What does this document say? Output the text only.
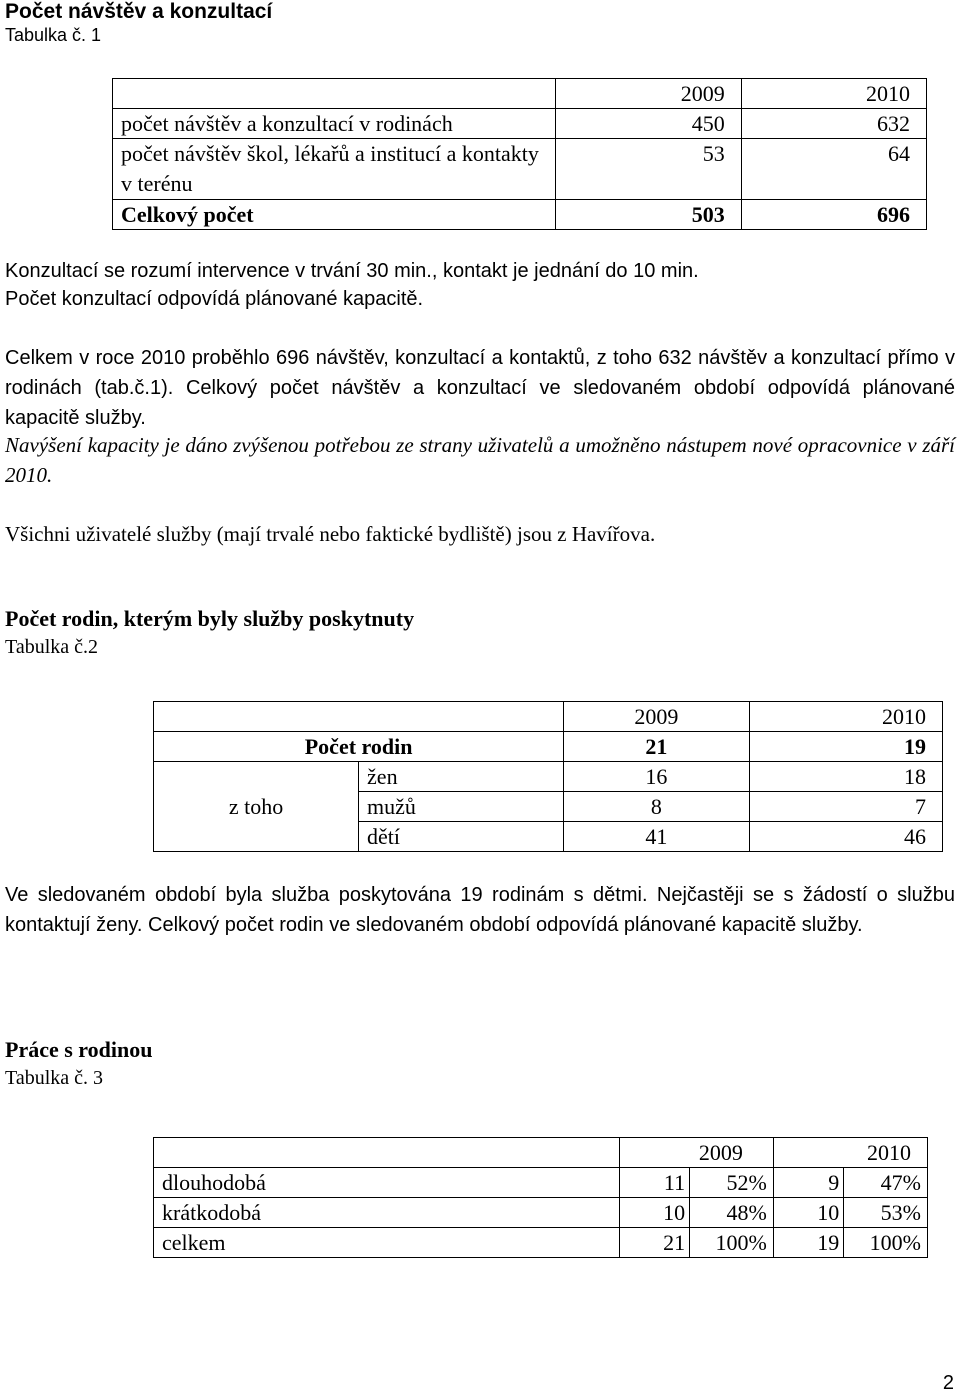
Počet návštěv a konzultací
Tabulka č. 1
	2009	2010
počet návštěv a konzultací v rodinách	450	632
počet návštěv škol, lékařů a institucí a kontakty v terénu	53	64
Celkový počet	503	696
Konzultací se rozumí intervence v trvání 30 min., kontakt je jednání do 10 min.
Počet konzultací odpovídá plánované kapacitě.
Celkem v roce 2010 proběhlo 696 návštěv, konzultací a kontaktů, z toho 632 návštěv a konzultací přímo v rodinách (tab.č.1). Celkový počet návštěv a konzultací ve sledovaném období odpovídá plánované kapacitě služby.
Navýšení kapacity je dáno zvýšenou potřebou ze strany uživatelů a umožněno nástupem nové opracovnice v září 2010.
Všichni uživatelé služby (mají trvalé nebo faktické bydliště) jsou z Havířova.
Počet rodin, kterým byly služby poskytnuty
Tabulka č.2
		2009	2010
Počet rodin		21	19
z toho	žen	16	18
	mužů	8	7
	dětí	41	46
Ve sledovaném období byla služba poskytována 19 rodinám s dětmi. Nejčastěji se s žádostí o službu kontaktují ženy. Celkový počet rodin ve sledovaném období odpovídá plánované kapacitě služby.
Práce s rodinou
Tabulka č. 3
	2009		2010	
dlouhodobá	11	52%	9	47%
krátkodobá	10	48%	10	53%
celkem	21	100%	19	100%
2
